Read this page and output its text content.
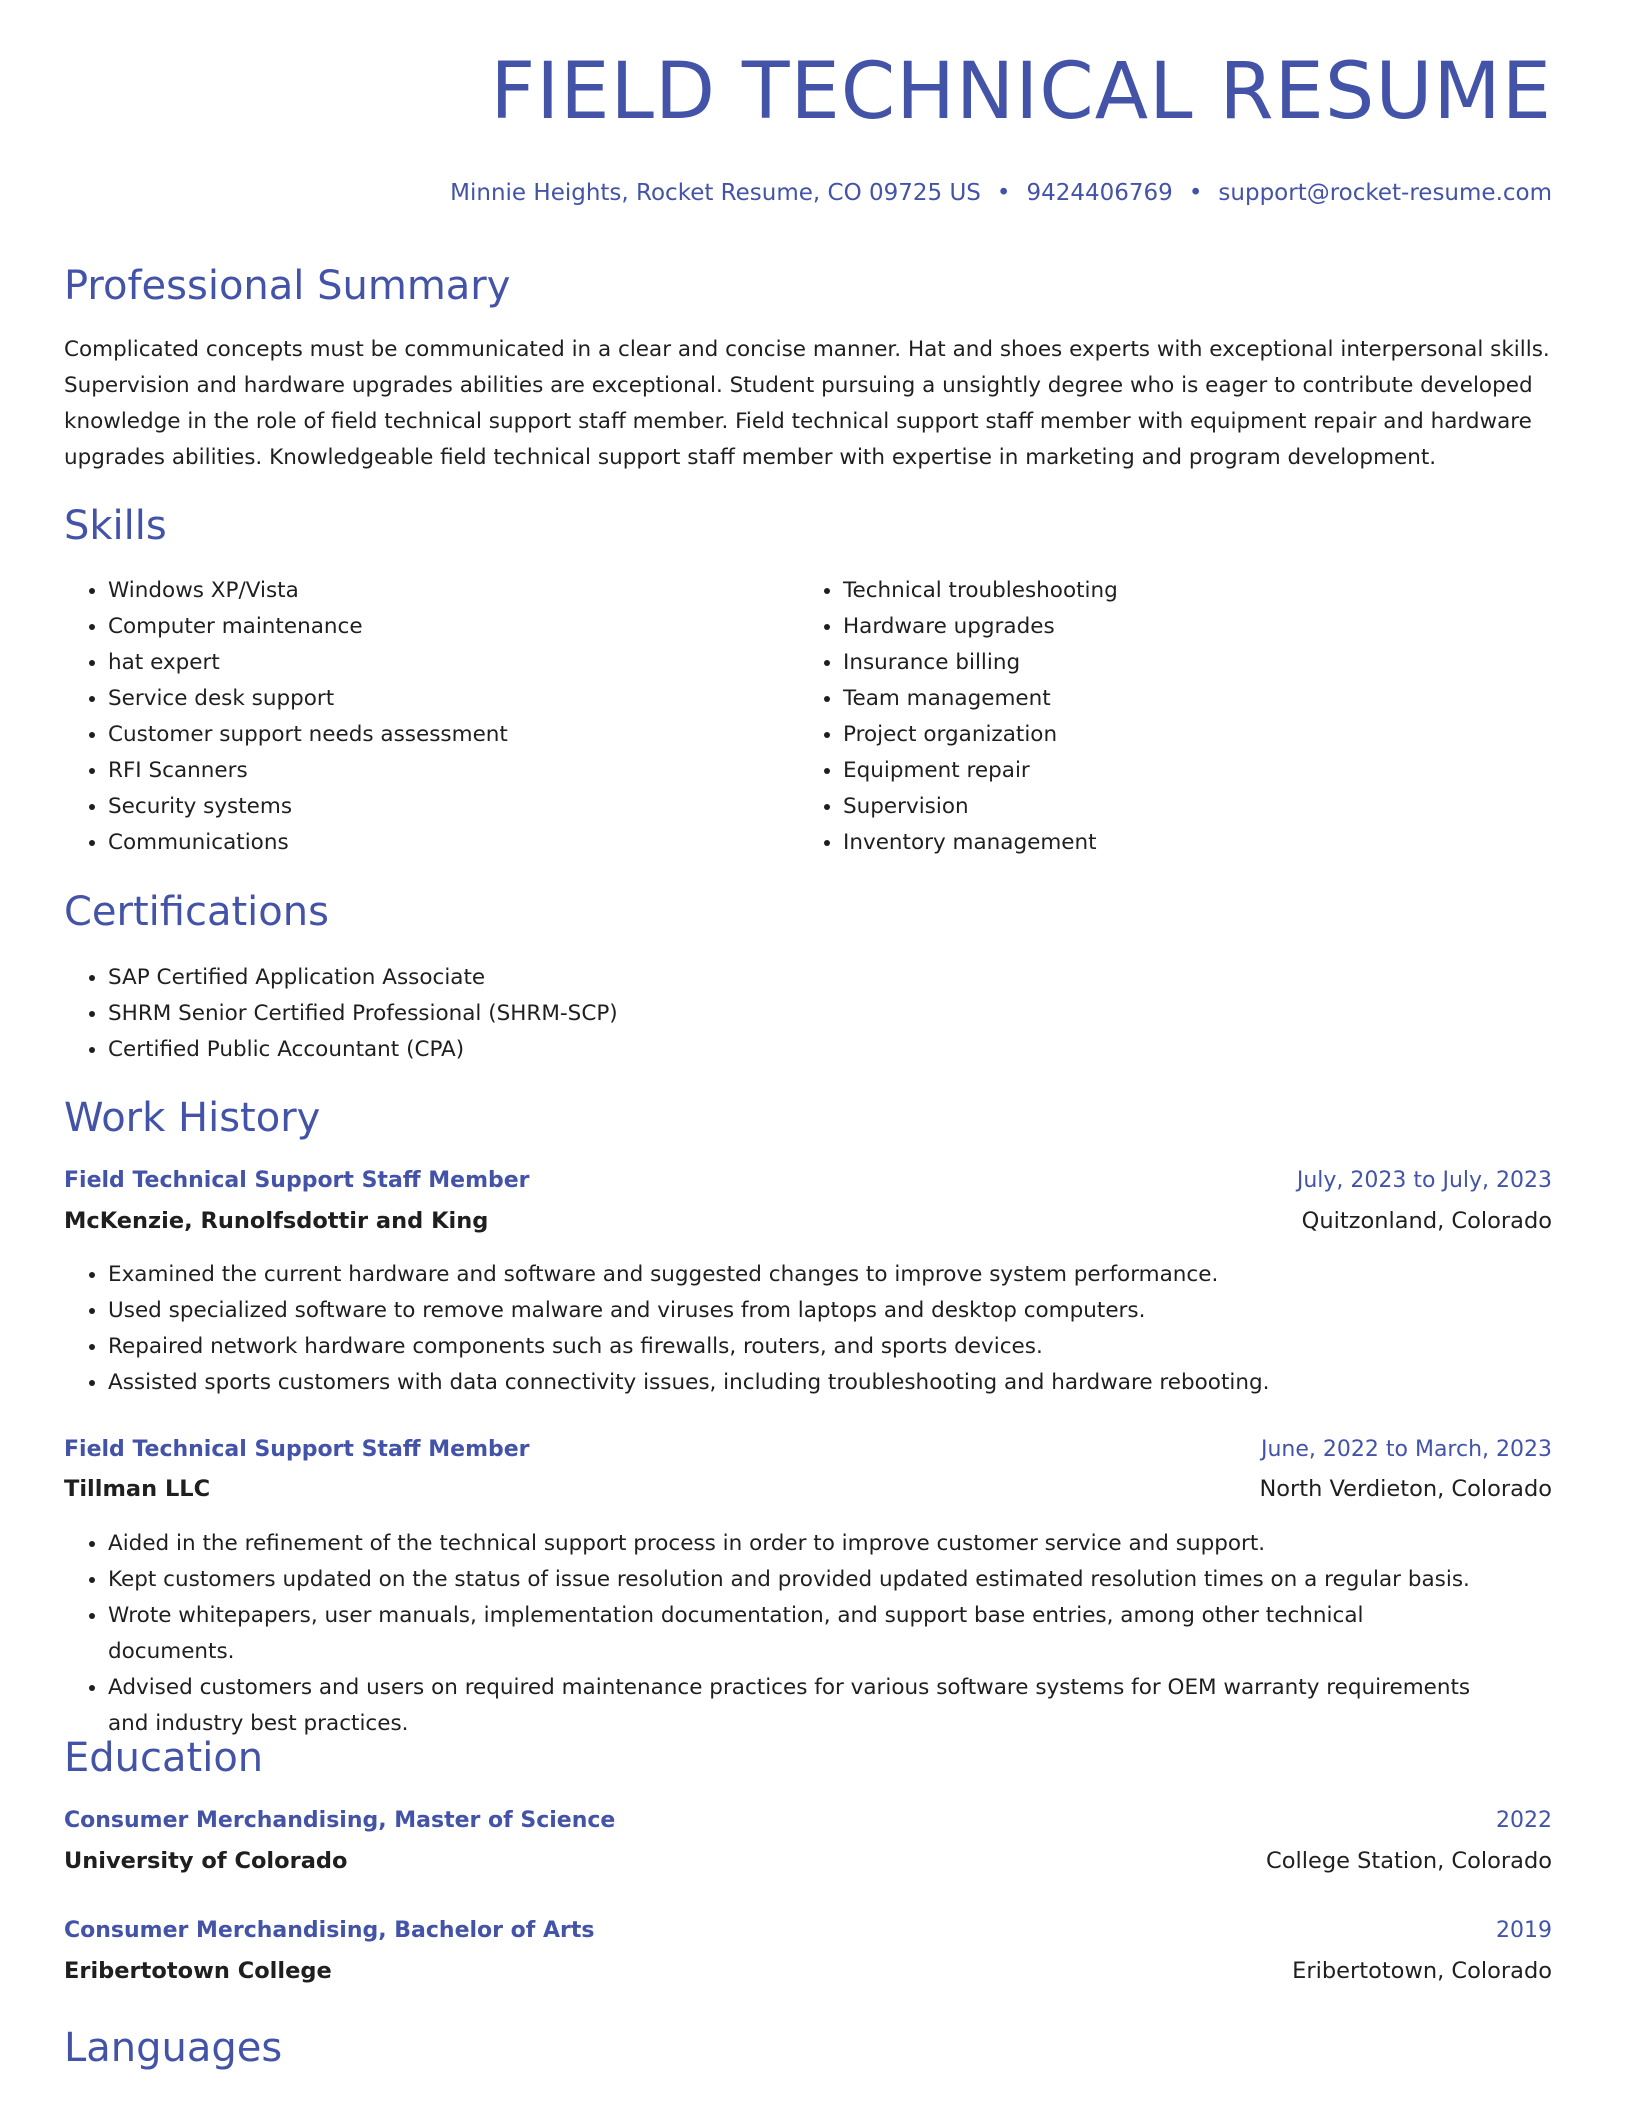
FIELD TECHNICAL RESUME
Minnie Heights, Rocket Resume, CO 09725 US • 9424406769 • support@rocket-resume.com
Professional Summary

Complicated concepts must be communicated in a clear and concise manner. Hat and shoes experts with exceptional interpersonal skills. Supervision and hardware upgrades abilities are exceptional. Student pursuing a unsightly degree who is eager to contribute developed knowledge in the role of field technical support staff member. Field technical support staff member with equipment repair and hardware upgrades abilities. Knowledgeable field technical support staff member with expertise in marketing and program development.

Skills
• Windows XP/Vista
• Computer maintenance
• hat expert
• Service desk support
• Customer support needs assessment
• RFI Scanners
• Security systems
• Communications
• Technical troubleshooting
• Hardware upgrades
• Insurance billing
• Team management
• Project organization
• Equipment repair
• Supervision
• Inventory management
Certifications
• SAP Certified Application Associate
• SHRM Senior Certified Professional (SHRM-SCP)
• Certified Public Accountant (CPA)
Work History
Field Technical Support Staff Member	July, 2023 to July, 2023
McKenzie, Runolfsdottir and King	Quitzonland, Colorado
• Examined the current hardware and software and suggested changes to improve system performance.
• Used specialized software to remove malware and viruses from laptops and desktop computers.
• Repaired network hardware components such as firewalls, routers, and sports devices.
• Assisted sports customers with data connectivity issues, including troubleshooting and hardware rebooting.
Field Technical Support Staff Member	June, 2022 to March, 2023
Tillman LLC	North Verdieton, Colorado
• Aided in the refinement of the technical support process in order to improve customer service and support.
• Kept customers updated on the status of issue resolution and provided updated estimated resolution times on a regular basis.
• Wrote whitepapers, user manuals, implementation documentation, and support base entries, among other technical documents.
• Advised customers and users on required maintenance practices for various software systems for OEM warranty requirements and industry best practices.
Education
Consumer Merchandising, Master of Science	2022
University of Colorado	College Station, Colorado
Consumer Merchandising, Bachelor of Arts	2019
Eribertotown College	Eribertotown, Colorado
Languages
